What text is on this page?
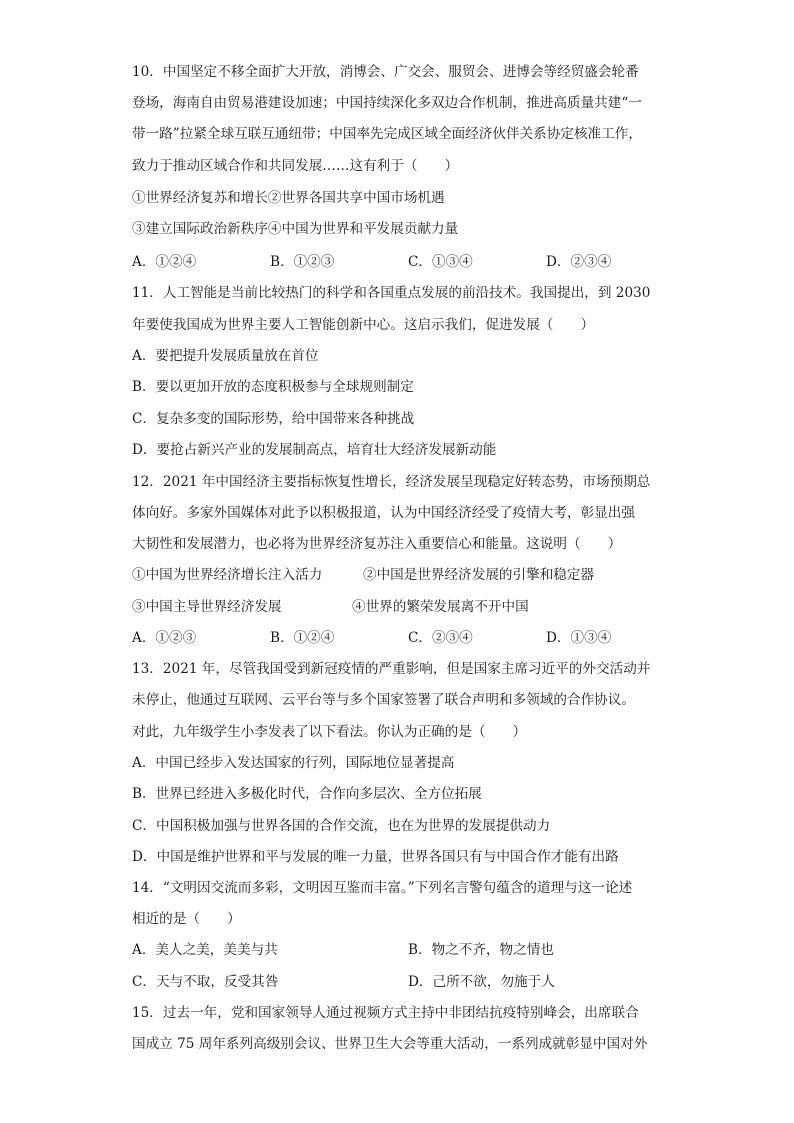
10．中国坚定不移全面扩大开放，消博会、广交会、服贸会、进博会等经贸盛会轮番
登场，海南自由贸易港建设加速；中国持续深化多双边合作机制，推进高质量共建“一
带一路”拉紧全球互联互通纽带；中国率先完成区域全面经济伙伴关系协定核准工作，
致力于推动区域合作和共同发展……这有利于（　　）
①世界经济复苏和增长②世界各国共享中国市场机遇
③建立国际政治新秩序④中国为世界和平发展贡献力量
A．①②④	B．①②③	C．①③④	D．②③④
11．人工智能是当前比较热门的科学和各国重点发展的前沿技术。我国提出，到 2030
年要使我国成为世界主要人工智能创新中心。这启示我们，促进发展（　　）
A．要把提升发展质量放在首位
B．要以更加开放的态度积极参与全球规则制定
C．复杂多变的国际形势，给中国带来各种挑战
D．要抢占新兴产业的发展制高点，培育壮大经济发展新动能
12．2021 年中国经济主要指标恢复性增长，经济发展呈现稳定好转态势，市场预期总
体向好。多家外国媒体对此予以积极报道，认为中国经济经受了疫情大考，彰显出强
大韧性和发展潜力，也必将为世界经济复苏注入重要信心和能量。这说明（　　）
①中国为世界经济增长注入活力	②中国是世界经济发展的引擎和稳定器
③中国主导世界经济发展	④世界的繁荣发展离不开中国
A．①②③	B．①②④	C．②③④	D．①③④
13．2021 年，尽管我国受到新冠疫情的严重影响，但是国家主席习近平的外交活动并
未停止，他通过互联网、云平台等与多个国家签署了联合声明和多领域的合作协议。
对此，九年级学生小李发表了以下看法。你认为正确的是（　　）
A．中国已经步入发达国家的行列，国际地位显著提高
B．世界已经进入多极化时代，合作向多层次、全方位拓展
C．中国积极加强与世界各国的合作交流，也在为世界的发展提供动力
D．中国是维护世界和平与发展的唯一力量，世界各国只有与中国合作才能有出路
14．“文明因交流而多彩，文明因互鉴而丰富。”下列名言警句蕴含的道理与这一论述
相近的是（　　）
A．美人之美，美美与共	B．物之不齐，物之情也
C．天与不取，反受其咎	D．己所不欲，勿施于人
15．过去一年，党和国家领导人通过视频方式主持中非团结抗疫特别峰会，出席联合
国成立 75 周年系列高级别会议、世界卫生大会等重大活动，一系列成就彰显中国对外
